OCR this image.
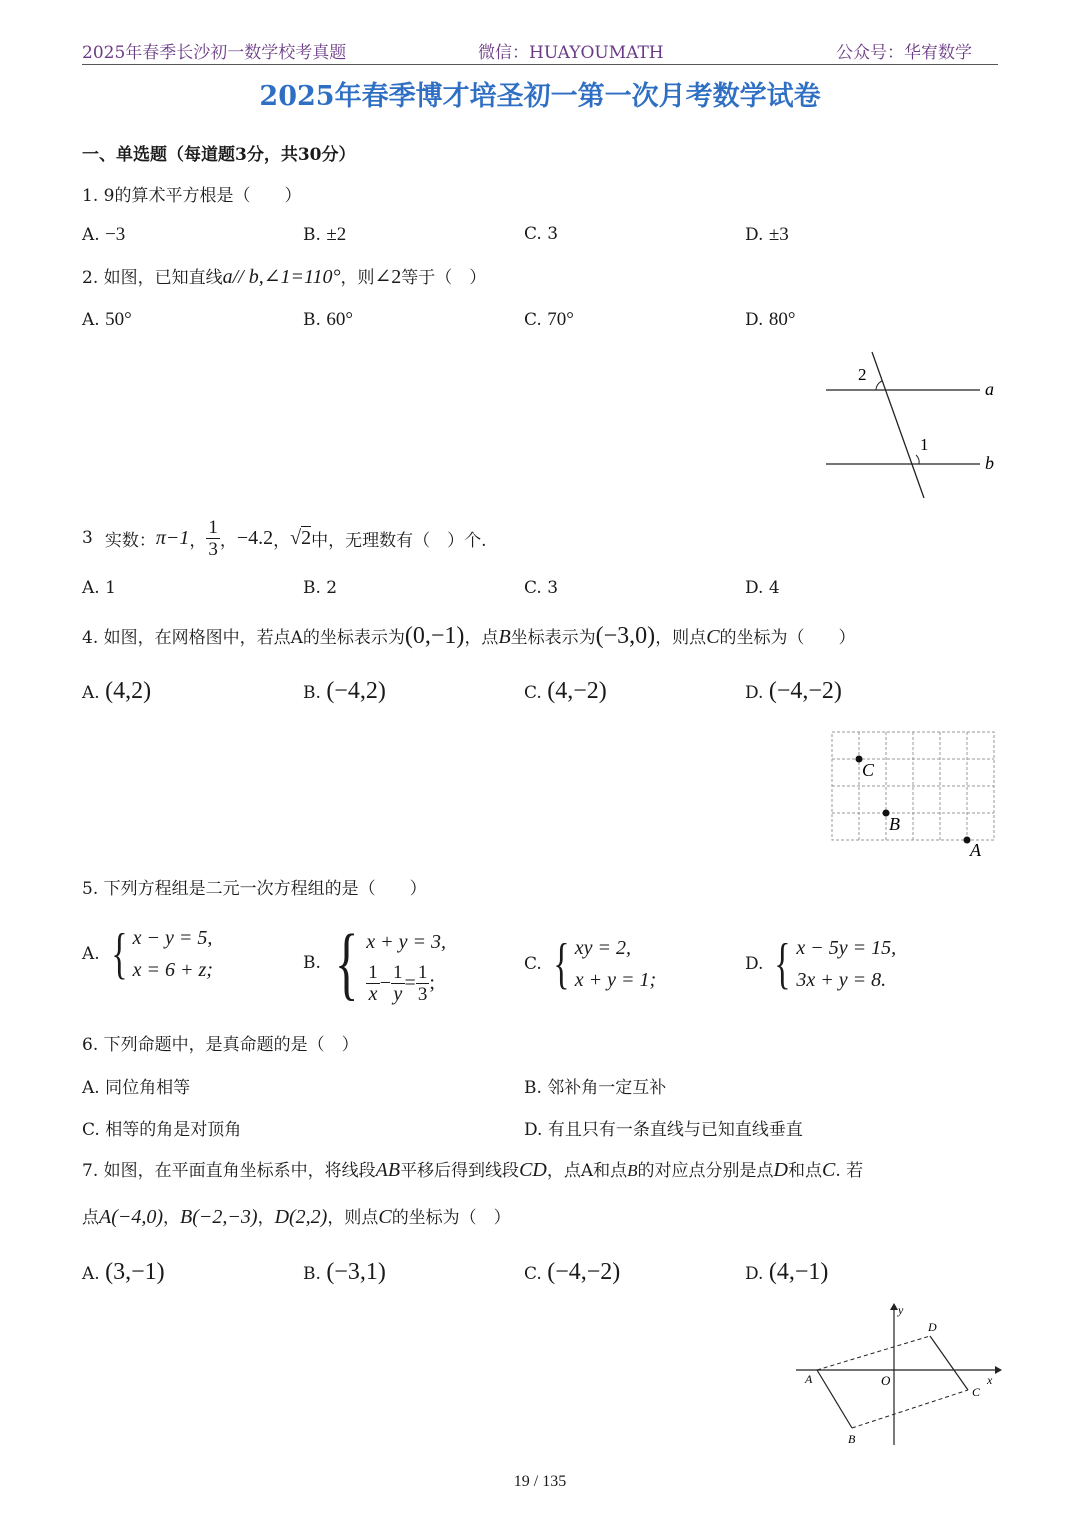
2025年春季长沙初一数学校考真题	微信：HUAYOUMATH	公众号：华宥数学
2025年春季博才培圣初一第一次月考数学试卷
一、单选题（每道题3分，共30分）
1. 9的算术平方根是（　　）
A. −3	B. ±2	C. 3	D. ±3
2. 如图，已知直线a// b,∠1=110°，则∠2等于（　）
A. 50°	B. 60°	C. 70°	D. 80°
2
1
a
b
3 实数： π−1 ， $\frac{1}{3}$ ， −4.2 ， √ 2 中，无理数有（　）个.
A. 1	B. 2	C. 3	D. 4
4. 如图，在网格图中，若点A的坐标表示为(0,−1)，点B坐标表示为(−3,0)，则点C的坐标为（　　）
A. (4,2)	B. (−4,2)	C. (4,−2)	D. (−4,−2)
C
B
A
5. 下列方程组是二元一次方程组的是（　　）
A. { x − y = 5,
x = 6 + z;	B. { x + y = 3,
$\frac{1}{x} - \frac{1}{y} = \frac{1}{3}$ ;
C. { xy = 2,
x + y = 1;
D. { x − 5y = 15,
3x + y = 8.
6. 下列命题中，是真命题的是（　）
A. 同位角相等	B. 邻补角一定互补
C. 相等的角是对顶角	D. 有且只有一条直线与已知直线垂直
7. 如图，在平面直角坐标系中，将线段AB平移后得到线段CD，点A和点B的对应点分别是点D和点C. 若
点A(−4,0)，B(−2,−3)，D(2,2)，则点C的坐标为（　）
A. (3,−1)	B. (−3,1)	C. (−4,−2)	D. (4,−1)
y
x
O
A
B
C
D
19 / 135
